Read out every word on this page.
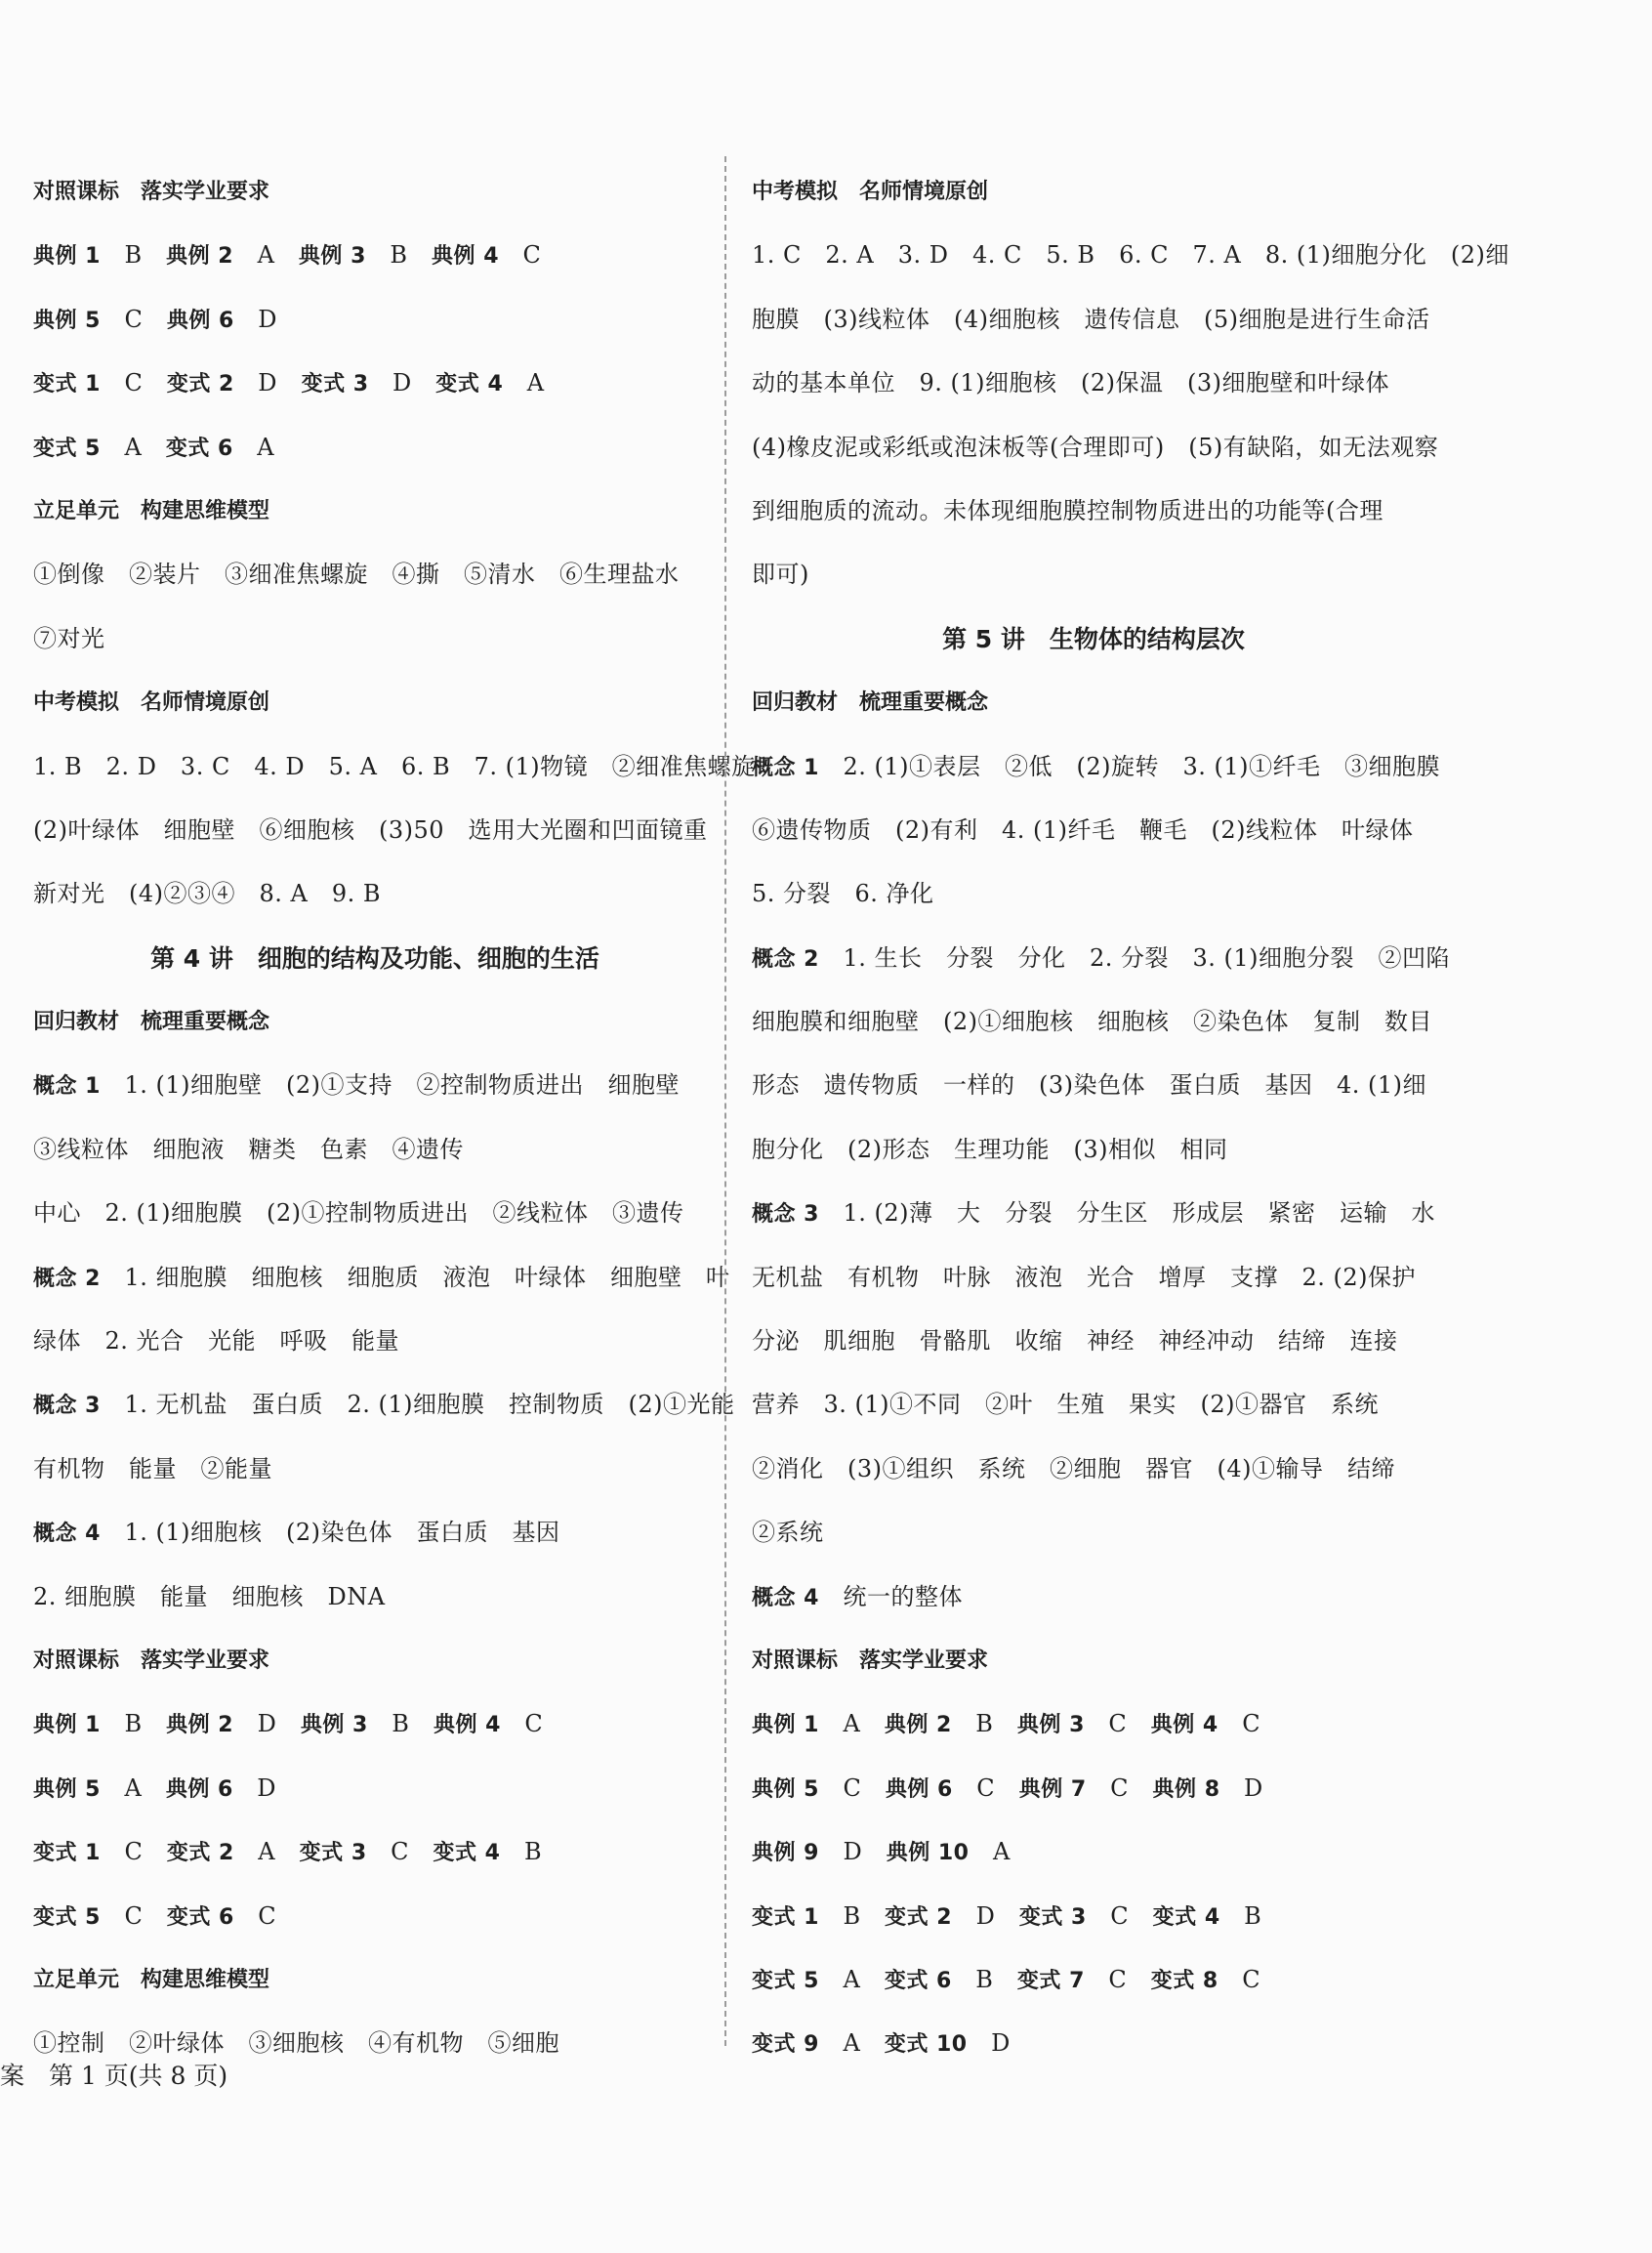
对照课标　落实学业要求
典例 1　B　典例 2　A　典例 3　B　典例 4　C
典例 5　C　典例 6　D
变式 1　C　变式 2　D　变式 3　D　变式 4　A
变式 5　A　变式 6　A
立足单元　构建思维模型
①倒像　②装片　③细准焦螺旋　④撕　⑤清水　⑥生理盐水
⑦对光
中考模拟　名师情境原创
1. B　2. D　3. C　4. D　5. A　6. B　7. (1)物镜　②细准焦螺旋
(2)叶绿体　细胞壁　⑥细胞核　(3)50　选用大光圈和凹面镜重
新对光　(4)②③④　8. A　9. B
第 4 讲　细胞的结构及功能、细胞的生活
回归教材　梳理重要概念
概念 1　1. (1)细胞壁　(2)①支持　②控制物质进出　细胞壁
③线粒体　细胞液　糖类　色素　④遗传
中心　2. (1)细胞膜　(2)①控制物质进出　②线粒体　③遗传
概念 2　1. 细胞膜　细胞核　细胞质　液泡　叶绿体　细胞壁　叶
绿体　2. 光合　光能　呼吸　能量
概念 3　1. 无机盐　蛋白质　2. (1)细胞膜　控制物质　(2)①光能
有机物　能量　②能量
概念 4　1. (1)细胞核　(2)染色体　蛋白质　基因
2. 细胞膜　能量　细胞核　DNA
对照课标　落实学业要求
典例 1　B　典例 2　D　典例 3　B　典例 4　C
典例 5　A　典例 6　D
变式 1　C　变式 2　A　变式 3　C　变式 4　B
变式 5　C　变式 6　C
立足单元　构建思维模型
①控制　②叶绿体　③细胞核　④有机物　⑤细胞
中考模拟　名师情境原创
1. C　2. A　3. D　4. C　5. B　6. C　7. A　8. (1)细胞分化　(2)细
胞膜　(3)线粒体　(4)细胞核　遗传信息　(5)细胞是进行生命活
动的基本单位　9. (1)细胞核　(2)保温　(3)细胞壁和叶绿体
(4)橡皮泥或彩纸或泡沫板等(合理即可)　(5)有缺陷，如无法观察
到细胞质的流动。未体现细胞膜控制物质进出的功能等(合理
即可)
第 5 讲　生物体的结构层次
回归教材　梳理重要概念
概念 1　2. (1)①表层　②低　(2)旋转　3. (1)①纤毛　③细胞膜
⑥遗传物质　(2)有利　4. (1)纤毛　鞭毛　(2)线粒体　叶绿体
5. 分裂　6. 净化
概念 2　1. 生长　分裂　分化　2. 分裂　3. (1)细胞分裂　②凹陷
细胞膜和细胞壁　(2)①细胞核　细胞核　②染色体　复制　数目
形态　遗传物质　一样的　(3)染色体　蛋白质　基因　4. (1)细
胞分化　(2)形态　生理功能　(3)相似　相同
概念 3　1. (2)薄　大　分裂　分生区　形成层　紧密　运输　水
无机盐　有机物　叶脉　液泡　光合　增厚　支撑　2. (2)保护
分泌　肌细胞　骨骼肌　收缩　神经　神经冲动　结缔　连接
营养　3. (1)①不同　②叶　生殖　果实　(2)①器官　系统
②消化　(3)①组织　系统　②细胞　器官　(4)①输导　结缔
②系统
概念 4　统一的整体
对照课标　落实学业要求
典例 1　A　典例 2　B　典例 3　C　典例 4　C
典例 5　C　典例 6　C　典例 7　C　典例 8　D
典例 9　D　典例 10　A
变式 1　B　变式 2　D　变式 3　C　变式 4　B
变式 5　A　变式 6　B　变式 7　C　变式 8　C
变式 9　A　变式 10　D
案　第 1 页(共 8 页)
